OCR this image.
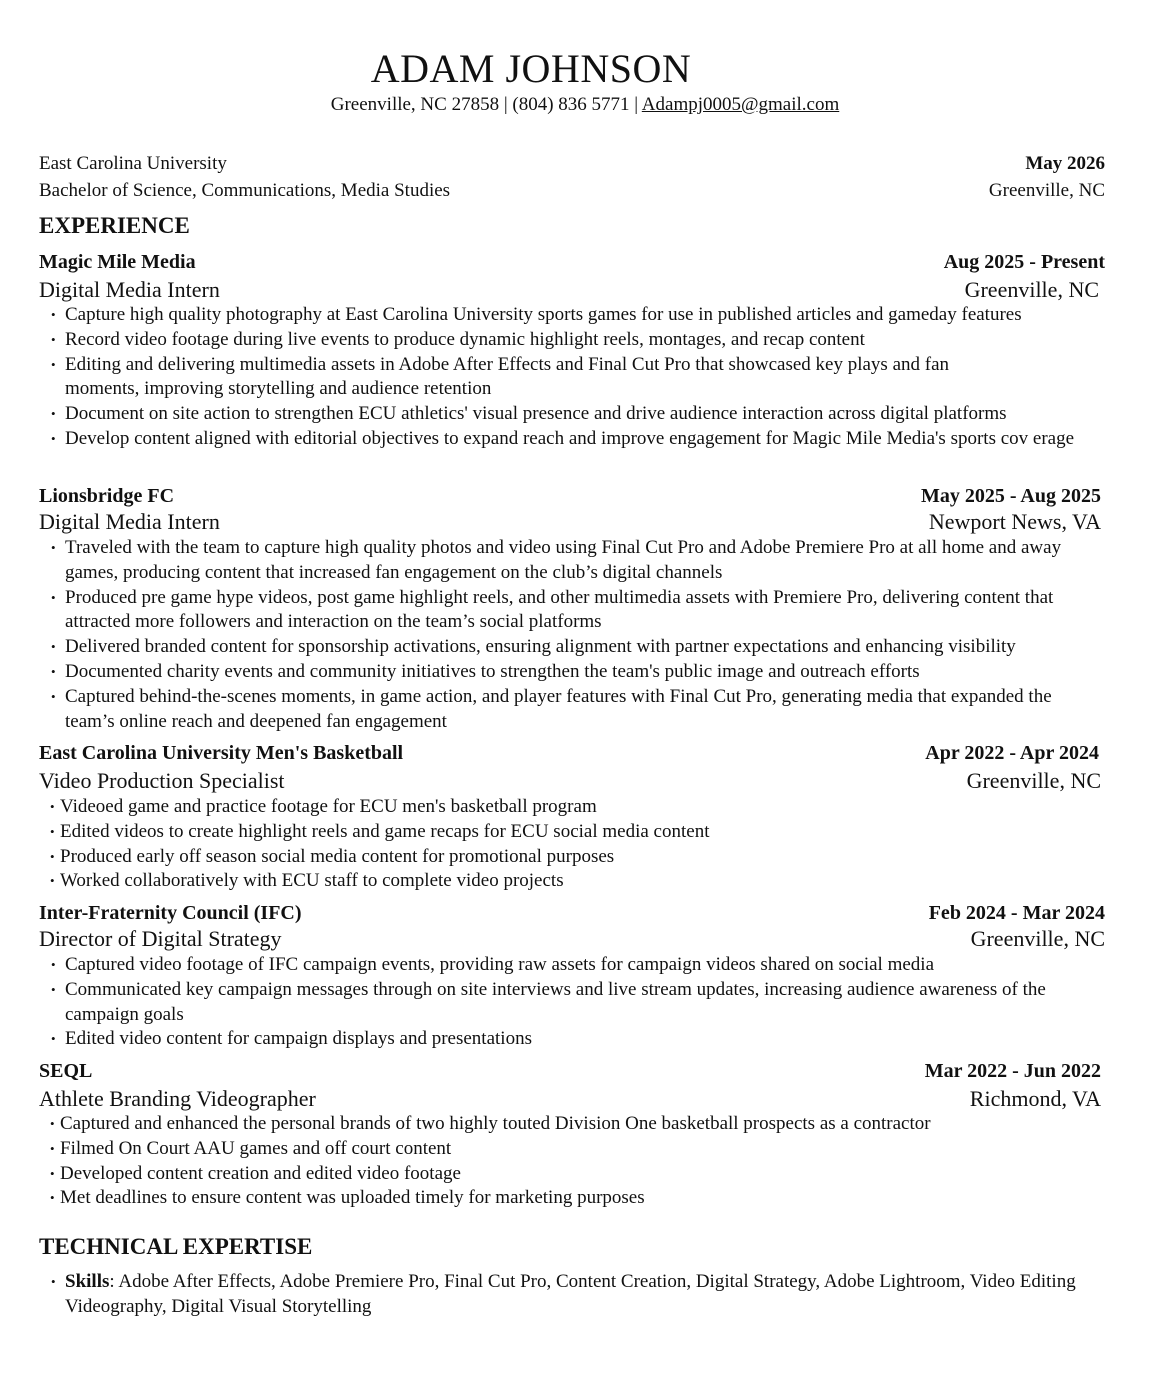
ADAM JOHNSON
Greenville, NC 27858 | (804) 836 5771 | Adampj0005@gmail.com
East Carolina University	May 2026
Bachelor of Science, Communications, Media Studies	Greenville, NC
EXPERIENCE
Magic Mile Media	Aug 2025 - Present
Digital Media Intern	Greenville, NC
• Capture high quality photography at East Carolina University sports games for use in published articles and gameday features
• Record video footage during live events to produce dynamic highlight reels, montages, and recap content
• Editing and delivering multimedia assets in Adobe After Effects and Final Cut Pro that showcased key plays and fan moments, improving storytelling and audience retention
• Document on site action to strengthen ECU athletics' visual presence and drive audience interaction across digital platforms
• Develop content aligned with editorial objectives to expand reach and improve engagement for Magic Mile Media's sports cov erage
Lionsbridge FC	May 2025 - Aug 2025
Digital Media Intern	Newport News, VA
• Traveled with the team to capture high quality photos and video using Final Cut Pro and Adobe Premiere Pro at all home and away games, producing content that increased fan engagement on the club’s digital channels
• Produced pre game hype videos, post game highlight reels, and other multimedia assets with Premiere Pro, delivering content that attracted more followers and interaction on the team’s social platforms
• Delivered branded content for sponsorship activations, ensuring alignment with partner expectations and enhancing visibility
• Documented charity events and community initiatives to strengthen the team's public image and outreach efforts
• Captured behind-the-scenes moments, in game action, and player features with Final Cut Pro, generating media that expanded the team’s online reach and deepened fan engagement
East Carolina University Men's Basketball	Apr 2022 - Apr 2024
Video Production Specialist	Greenville, NC
• Videoed game and practice footage for ECU men's basketball program
• Edited videos to create highlight reels and game recaps for ECU social media content
• Produced early off season social media content for promotional purposes
• Worked collaboratively with ECU staff to complete video projects
Inter-Fraternity Council (IFC)	Feb 2024 - Mar 2024
Director of Digital Strategy	Greenville, NC
• Captured video footage of IFC campaign events, providing raw assets for campaign videos shared on social media
• Communicated key campaign messages through on site interviews and live stream updates, increasing audience awareness of the campaign goals
• Edited video content for campaign displays and presentations
SEQL	Mar 2022 - Jun 2022
Athlete Branding Videographer	Richmond, VA
• Captured and enhanced the personal brands of two highly touted Division One basketball prospects as a contractor
• Filmed On Court AAU games and off court content
• Developed content creation and edited video footage
• Met deadlines to ensure content was uploaded timely for marketing purposes
TECHNICAL EXPERTISE
• Skills: Adobe After Effects, Adobe Premiere Pro, Final Cut Pro, Content Creation, Digital Strategy, Adobe Lightroom, Video Editing Videography, Digital Visual Storytelling
